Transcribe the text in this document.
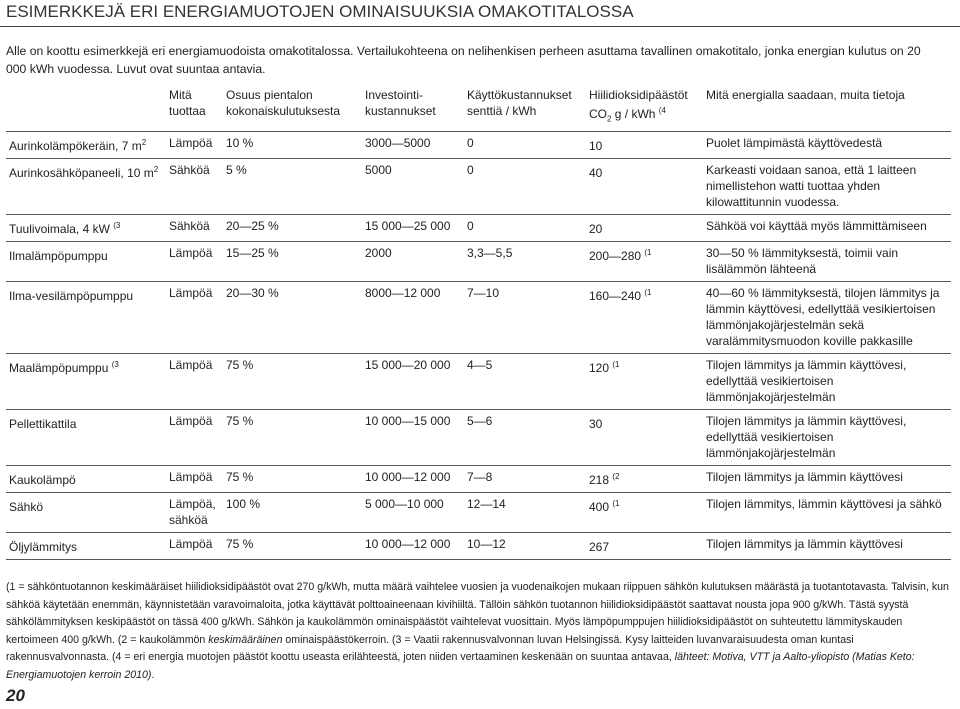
ESIMERKKEJÄ ERI ENERGIAMUOTOJEN OMINAISUUKSIA OMAKOTITALOSSA
Alle on koottu esimerkkejä eri energiamuodoista omakotitalossa. Vertailukohteena on nelihenkisen perheen asuttama tavallinen omakotitalo, jonka energian kulutus on 20 000 kWh vuodessa. Luvut ovat suuntaa antavia.
	Mitä tuottaa	Osuus pientalon kokonaiskulutuksesta	Investointi-kustannukset	Käyttökustannukset senttiä / kWh	Hiilidioksidipäästöt
$CO_2$ g / kWh $^{(4}$	Mitä energialla saadaan, muita tietoja
Aurinkolämpökeräin, 7 $m^2$	Lämpöä	10 %	3000—5000	0	10	Puolet lämpimästä käyttövedestä
Aurinkosähköpaneeli, 10 $m^2$	Sähköä	5 %	5000	0	40	Karkeasti voidaan sanoa, että 1 laitteen nimellistehon watti tuottaa yhden kilowattitunnin vuodessa.
Tuulivoimala, 4 kW $^{(3}$	Sähköä	20—25 %	15 000—25 000	0	20	Sähköä voi käyttää myös lämmittämiseen
Ilmalämpöpumppu	Lämpöä	15—25 %	2000	3,3—5,5	200—280 $^{(1}$	30—50 % lämmityksestä, toimii vain lisälämmön lähteenä
Ilma-vesilämpöpumppu	Lämpöä	20—30 %	8000—12 000	7—10	160—240 $^{(1}$	40—60 % lämmityksestä, tilojen lämmitys ja lämmin käyttövesi, edellyttää vesikiertoisen lämmönjakojärjestelmän sekä varalämmitysmuodon koville pakkasille
Maalämpöpumppu $^{(3}$	Lämpöä	75 %	15 000—20 000	4—5	120 $^{(1}$	Tilojen lämmitys ja lämmin käyttövesi, edellyttää vesikiertoisen lämmönjakojärjestelmän
Pellettikattila	Lämpöä	75 %	10 000—15 000	5—6	30	Tilojen lämmitys ja lämmin käyttövesi, edellyttää vesikiertoisen lämmönjakojärjestelmän
Kaukolämpö	Lämpöä	75 %	10 000—12 000	7—8	218 $^{(2}$	Tilojen lämmitys ja lämmin käyttövesi
Sähkö	Lämpöä, sähköä	100 %	5 000—10 000	12—14	400 $^{(1}$	Tilojen lämmitys, lämmin käyttövesi ja sähkö
Öljylämmitys	Lämpöä	75 %	10 000—12 000	10—12	267	Tilojen lämmitys ja lämmin käyttövesi
(1 = sähköntuotannon keskimääräiset hiilidioksidipäästöt ovat 270 g/kWh, mutta määrä vaihtelee vuosien ja vuodenaikojen mukaan riippuen sähkön kulutuksen määrästä ja tuotantotavasta. Talvisin, kun sähköä käytetään enemmän, käynnistetään varavoimaloita, jotka käyttävät polttoaineenaan kivihiiltä. Tällöin sähkön tuotannon hiilidioksidipäästöt saattavat nousta jopa 900 g/kWh. Tästä syystä sähkölämmityksen keskipäästöt on tässä 400 g/kWh. Sähkön ja kaukolämmön ominaispäästöt vaihtelevat vuosittain. Myös lämpöpumppujen hiilidioksidipäästöt on suhteutettu lämmityskauden kertoimeen 400 g/kWh. (2 = kaukolämmön keskimääräinen ominaispäästökerroin. (3 = Vaatii rakennusvalvonnan luvan Helsingissä. Kysy laitteiden luvanvaraisuudesta oman kuntasi rakennusvalvonnasta. (4 = eri energia muotojen päästöt koottu useasta erilähteestä, joten niiden vertaaminen keskenään on suuntaa antavaa, lähteet: Motiva, VTT ja Aalto-yliopisto (Matias Keto: Energiamuotojen kerroin 2010).
20
